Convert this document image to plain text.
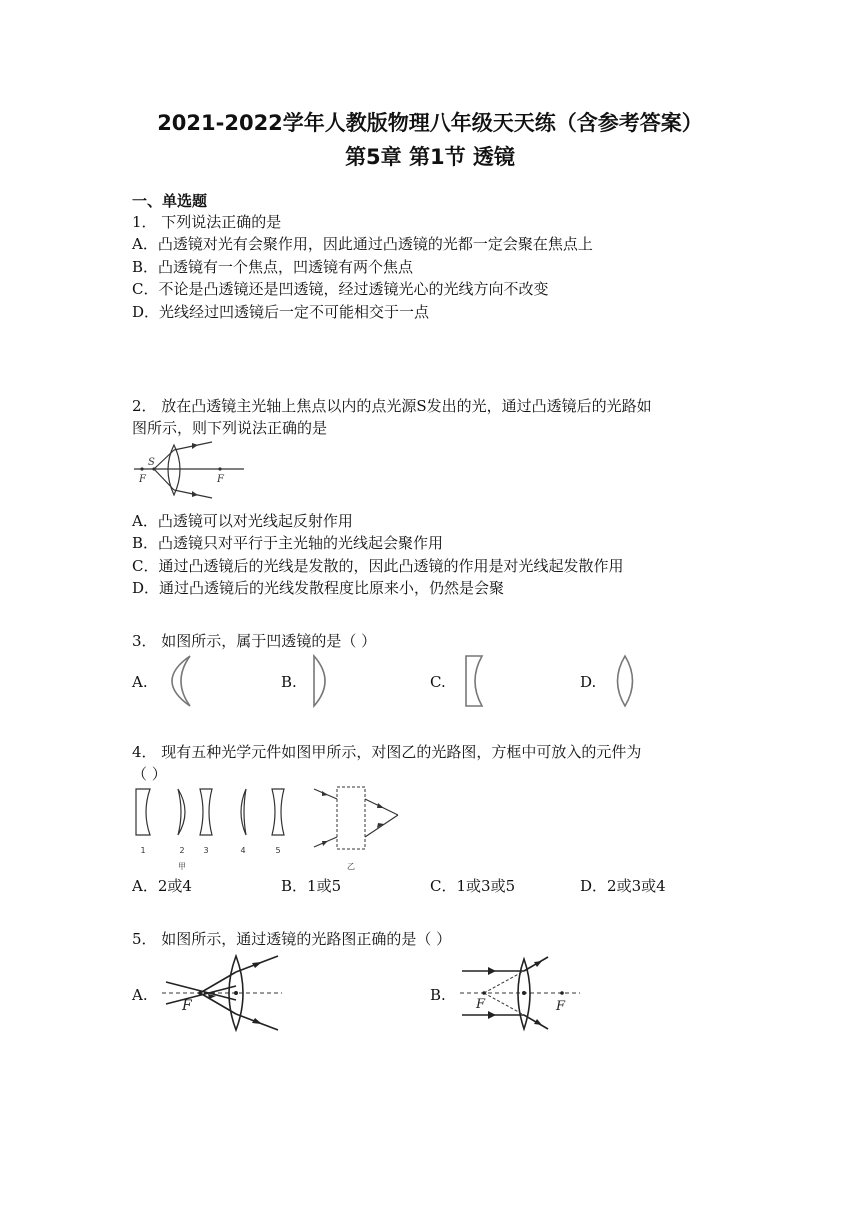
2021-2022学年人教版物理八年级天天练（含参考答案）
第5章 第1节 透镜
一、单选题
1． 下列说法正确的是
A．凸透镜对光有会聚作用，因此通过凸透镜的光都一定会聚在焦点上
B．凸透镜有一个焦点，凹透镜有两个焦点
C．不论是凸透镜还是凹透镜，经过透镜光心的光线方向不改变
D．光线经过凹透镜后一定不可能相交于一点
2． 放在凸透镜主光轴上焦点以内的点光源S发出的光，通过凸透镜后的光路如
图所示，则下列说法正确的是
S
F	F
A．凸透镜可以对光线起反射作用
B．凸透镜只对平行于主光轴的光线起会聚作用
C．通过凸透镜后的光线是发散的，因此凸透镜的作用是对光线起发散作用
D．通过凸透镜后的光线发散程度比原来小，仍然是会聚
3． 如图所示，属于凹透镜的是（ ）
A.	B.	C.	D.
4． 现有五种光学元件如图甲所示，对图乙的光路图，方框中可放入的元件为
（ ）
1	2 3	4	5
甲	乙
A．2或4	B．1或5	C．1或3或5	D．2或3或4
5． 如图所示，通过透镜的光路图正确的是（ ）
A.
F
B.
F	F
